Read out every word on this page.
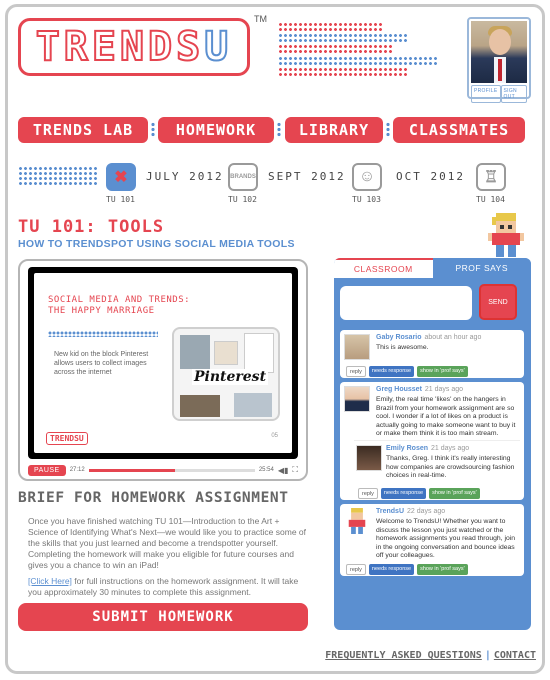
TRENDSU
TM
PROFILE	SIGN OUT
TRENDS LAB	HOMEWORK	LIBRARY	CLASSMATES
✖
TU 101
JULY 2012 BRANDS
TU 102
SEPT 2012 ☺
TU 103
OCT 2012	♖
TU 104
TU 101: TOOLS
HOW TO TRENDSPOT USING SOCIAL MEDIA TOOLS
SOCIAL MEDIA AND TRENDS:
THE HAPPY MARRIAGE
New kid on the block Pinterest allows users to collect images across the internet	Pinterest
TRENDSU	05
PAUSE	27:12	25:54 ◀▮ ⛶
BRIEF FOR HOMEWORK ASSIGNMENT
Once you have finished watching TU 101—Introduction to the Art + Science of Identifying What's Next—we would like you to practice some of the skills that you just learned and become a trendspotter yourself. Completing the homework will make you eligible for future courses and gives you a chance to win an iPad!
[Click Here] for full instructions on the homework assignment. It will take you approximately 30 minutes to complete this assignment.
SUBMIT HOMEWORK
CLASSROOM	PROF SAYS
SEND
Gaby Rosario about an hour ago
This is awesome.
reply	needs response	show in 'prof says'
Greg Housset 21 days ago
Emily, the real time 'likes' on the hangers in Brazil from your homework assignment are so cool. I wonder if a lot of likes on a product is actually going to make someone want to buy it or make them think it is too main stream.
Emily Rosen 21 days ago
Thanks, Greg. I think it's really interesting how companies are crowdsourcing fashion choices in real-time.
reply	needs response	show in 'prof says'
TrendsU 22 days ago
Welcome to TrendsU! Whether you want to discuss the lesson you just watched or the homework assignments you read through, join in the ongoing conversation and bounce ideas off your colleagues.
reply	needs response	show in 'prof says'
FREQUENTLY ASKED QUESTIONS | CONTACT
